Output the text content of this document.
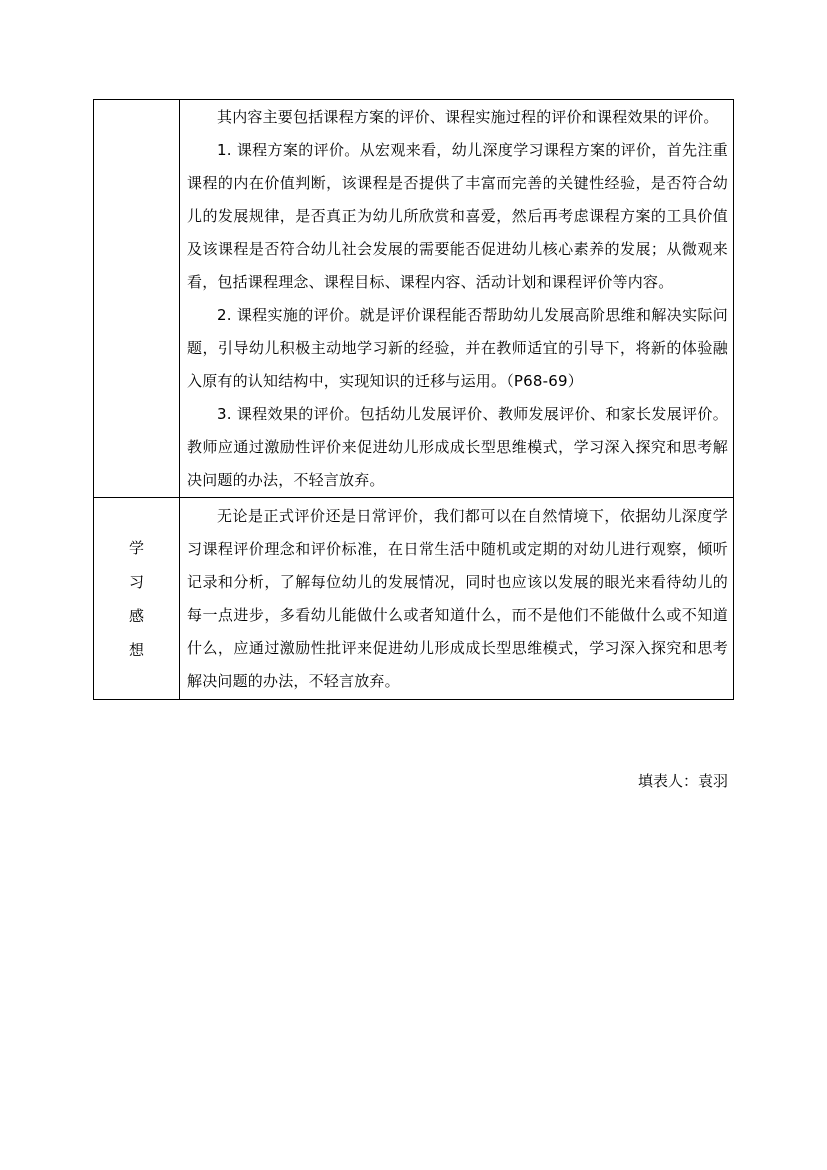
	其内容主要包括课程方案的评价、课程实施过程的评价和课程效果的评价。

1. 课程方案的评价。从宏观来看，幼儿深度学习课程方案的评价，首先注重课程的内在价值判断，该课程是否提供了丰富而完善的关键性经验，是否符合幼儿的发展规律，是否真正为幼儿所欣赏和喜爱，然后再考虑课程方案的工具价值及该课程是否符合幼儿社会发展的需要能否促进幼儿核心素养的发展；从微观来看，包括课程理念、课程目标、课程内容、活动计划和课程评价等内容。

2. 课程实施的评价。就是评价课程能否帮助幼儿发展高阶思维和解决实际问题，引导幼儿积极主动地学习新的经验，并在教师适宜的引导下，将新的体验融入原有的认知结构中，实现知识的迁移与运用。（P68-69）

3. 课程效果的评价。包括幼儿发展评价、教师发展评价、和家长发展评价。教师应通过激励性评价来促进幼儿形成成长型思维模式，学习深入探究和思考解决问题的办法，不轻言放弃。

学
习
感
想	无论是正式评价还是日常评价，我们都可以在自然情境下，依据幼儿深度学习课程评价理念和评价标准，在日常生活中随机或定期的对幼儿进行观察，倾听记录和分析，了解每位幼儿的发展情况，同时也应该以发展的眼光来看待幼儿的每一点进步，多看幼儿能做什么或者知道什么，而不是他们不能做什么或不知道什么，应通过激励性批评来促进幼儿形成成长型思维模式，学习深入探究和思考解决问题的办法，不轻言放弃。

填表人：袁羽
